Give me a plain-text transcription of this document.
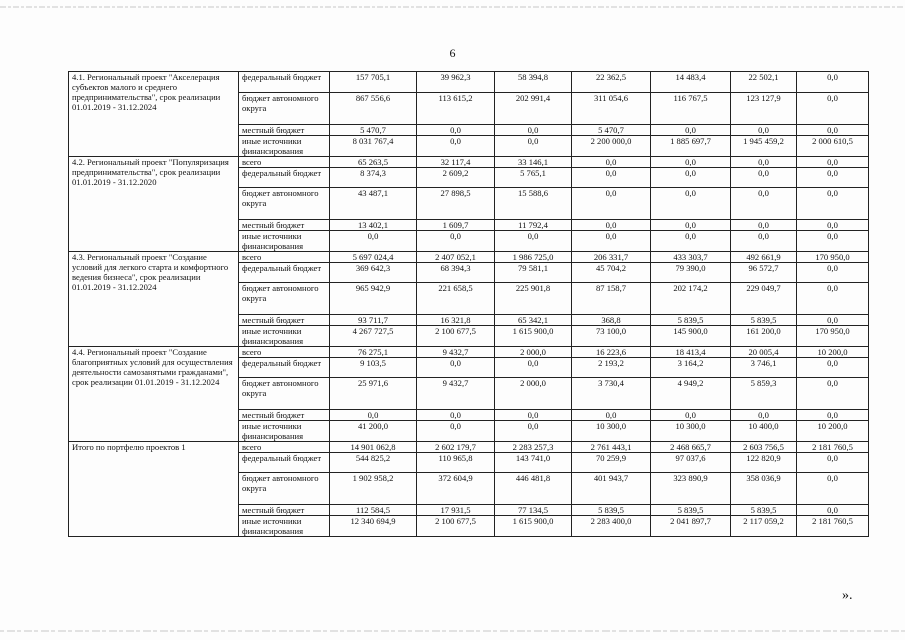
6
4.1. Региональный проект "Акселерация субъектов малого и среднего предпринимательства", срок реализации 01.01.2019 - 31.12.2024	федеральный бюджет	157 705,1	39 962,3	58 394,8	22 362,5	14 483,4	22 502,1	0,0
	бюджет автономного округа	867 556,6	113 615,2	202 991,4	311 054,6	116 767,5	123 127,9	0,0
	местный бюджет	5 470,7	0,0	0,0	5 470,7	0,0	0,0	0,0
	иные источники финансирования	8 031 767,4	0,0	0,0	2 200 000,0	1 885 697,7	1 945 459,2	2 000 610,5
4.2. Региональный проект "Популяризация предпринимательства", срок реализации 01.01.2019 - 31.12.2020	всего	65 263,5	32 117,4	33 146,1	0,0	0,0	0,0	0,0
	федеральный бюджет	8 374,3	2 609,2	5 765,1	0,0	0,0	0,0	0,0
	бюджет автономного округа	43 487,1	27 898,5	15 588,6	0,0	0,0	0,0	0,0
	местный бюджет	13 402,1	1 609,7	11 792,4	0,0	0,0	0,0	0,0
	иные источники финансирования	0,0	0,0	0,0	0,0	0,0	0,0	0,0
4.3. Региональный проект "Создание условий для легкого старта и комфортного ведения бизнеса", срок реализации 01.01.2019 - 31.12.2024	всего	5 697 024,4	2 407 052,1	1 986 725,0	206 331,7	433 303,7	492 661,9	170 950,0
	федеральный бюджет	369 642,3	68 394,3	79 581,1	45 704,2	79 390,0	96 572,7	0,0
	бюджет автономного округа	965 942,9	221 658,5	225 901,8	87 158,7	202 174,2	229 049,7	0,0
	местный бюджет	93 711,7	16 321,8	65 342,1	368,8	5 839,5	5 839,5	0,0
	иные источники финансирования	4 267 727,5	2 100 677,5	1 615 900,0	73 100,0	145 900,0	161 200,0	170 950,0
4.4. Региональный проект "Создание благоприятных условий для осуществления деятельности самозанятыми гражданами", срок реализации 01.01.2019 - 31.12.2024	всего	76 275,1	9 432,7	2 000,0	16 223,6	18 413,4	20 005,4	10 200,0
	федеральный бюджет	9 103,5	0,0	0,0	2 193,2	3 164,2	3 746,1	0,0
	бюджет автономного округа	25 971,6	9 432,7	2 000,0	3 730,4	4 949,2	5 859,3	0,0
	местный бюджет	0,0	0,0	0,0	0,0	0,0	0,0	0,0
	иные источники финансирования	41 200,0	0,0	0,0	10 300,0	10 300,0	10 400,0	10 200,0
Итого по портфелю проектов 1	всего	14 901 062,8	2 602 179,7	2 283 257,3	2 761 443,1	2 468 665,7	2 603 756,5	2 181 760,5
	федеральный бюджет	544 825,2	110 965,8	143 741,0	70 259,9	97 037,6	122 820,9	0,0
	бюджет автономного округа	1 902 958,2	372 604,9	446 481,8	401 943,7	323 890,9	358 036,9	0,0
	местный бюджет	112 584,5	17 931,5	77 134,5	5 839,5	5 839,5	5 839,5	0,0
	иные источники финансирования	12 340 694,9	2 100 677,5	1 615 900,0	2 283 400,0	2 041 897,7	2 117 059,2	2 181 760,5
».
